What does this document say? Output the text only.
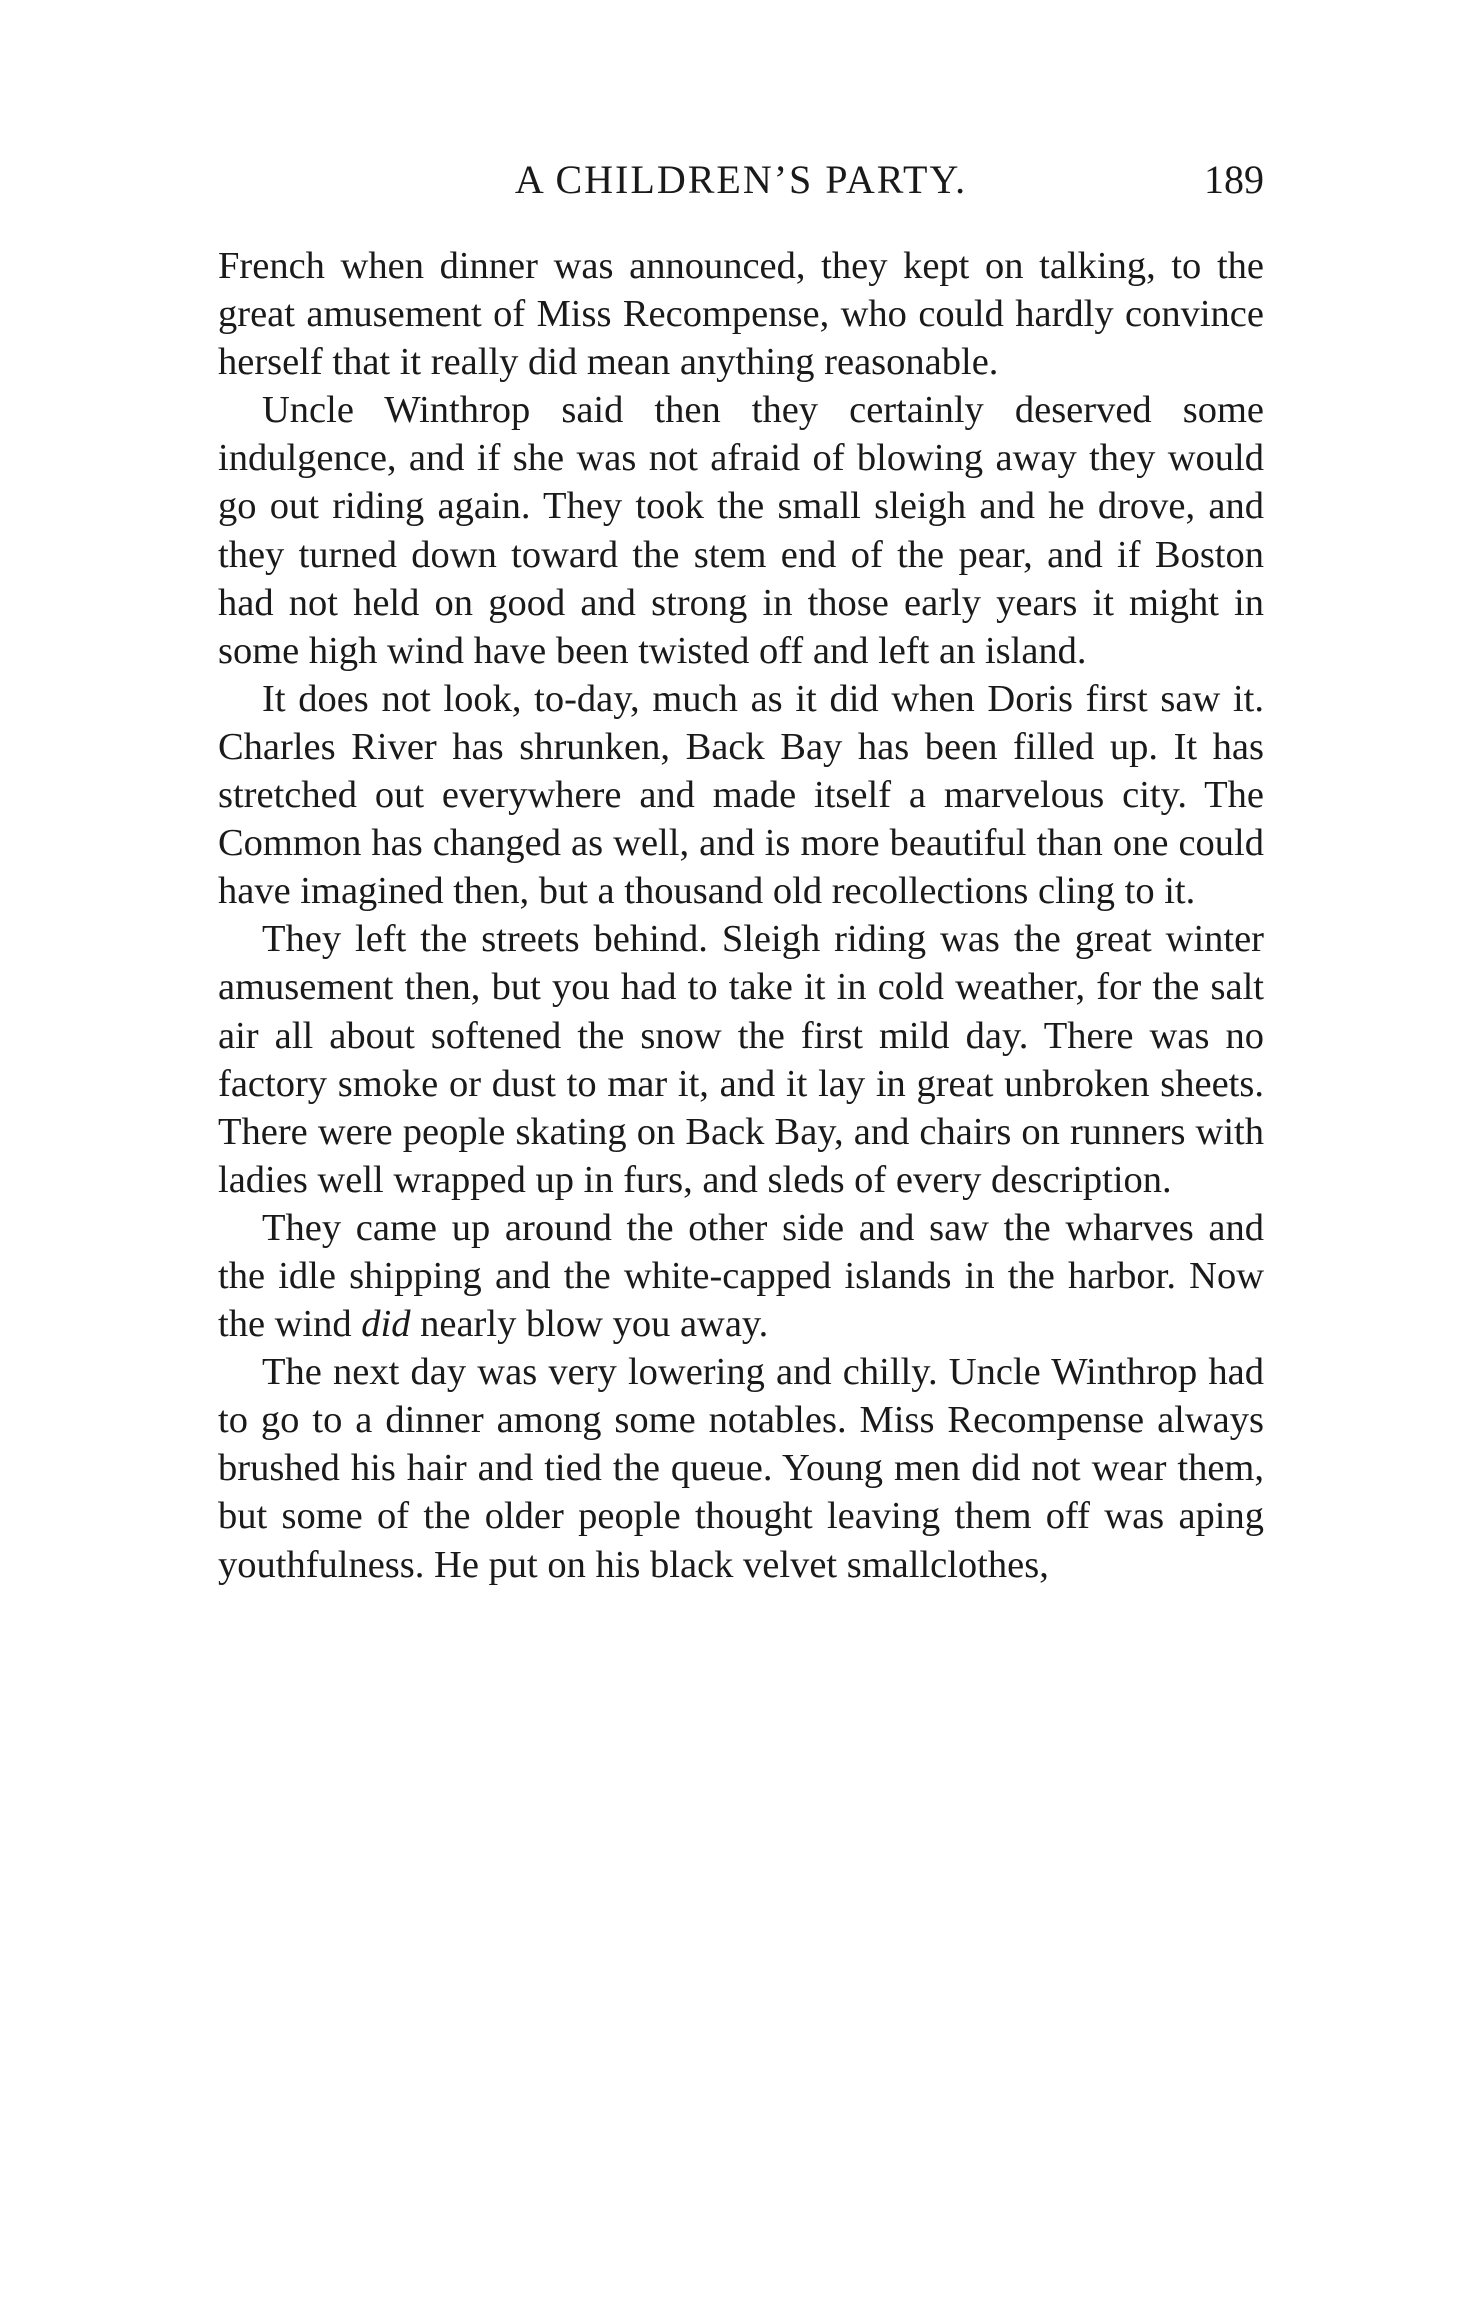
A CHILDREN’S PARTY.	189

French when dinner was announced, they kept on talking, to the great amusement of Miss Recompense, who could hardly convince herself that it really did mean anything reasonable.

Uncle Winthrop said then they certainly deserved some indulgence, and if she was not afraid of blowing away they would go out riding again. They took the small sleigh and he drove, and they turned down toward the stem end of the pear, and if Boston had not held on good and strong in those early years it might in some high wind have been twisted off and left an island.

It does not look, to-day, much as it did when Doris first saw it. Charles River has shrunken, Back Bay has been filled up. It has stretched out everywhere and made itself a marvelous city. The Common has changed as well, and is more beautiful than one could have imagined then, but a thousand old recollections cling to it.

They left the streets behind. Sleigh riding was the great winter amusement then, but you had to take it in cold weather, for the salt air all about softened the snow the first mild day. There was no factory smoke or dust to mar it, and it lay in great unbroken sheets. There were people skating on Back Bay, and chairs on runners with ladies well wrapped up in furs, and sleds of every description.

They came up around the other side and saw the wharves and the idle shipping and the white-capped islands in the harbor. Now the wind did nearly blow you away.

The next day was very lowering and chilly. Uncle Winthrop had to go to a dinner among some notables. Miss Recompense always brushed his hair and tied the queue. Young men did not wear them, but some of the older people thought leaving them off was aping youthfulness. He put on his black velvet smallclothes,
